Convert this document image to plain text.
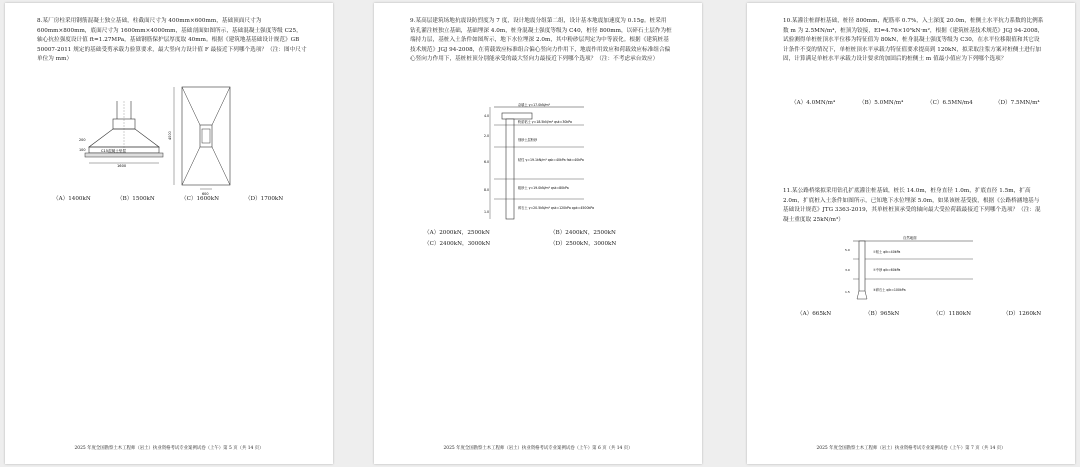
8.某厂房柱采用钢筋混凝土独立基础，柱截面尺寸为 400mm×600mm，基础顶面尺寸为 600mm×800mm，底面尺寸为 1600mm×4000mm，基础剖面如图所示，基础混凝土强度等级 C25，轴心抗拉强度设计值 ft=1.27MPa，基础钢筋保护层厚度取 40mm。根据《建筑地基基础设计规范》GB 50007-2011 规定的基础受剪承载力验算要求，最大竖向力设计值 F 最接近下列哪个选项？（注：图中尺寸单位为 mm）
C15混凝土垫层
1600
200
100
4000
600
（A）1400kN	（B）1500kN	（C）1600kN	（D）1700kN
2025 年度全国勘察土木工程师（岩土）执业资格考试专业案例试卷（上午）第 5 页（共 14 页）
9.某高层建筑场地抗震设防烈度为 7 度，设计地震分组第二组，设计基本地震加速度为 0.15g。桩采用钻孔灌注桩独立基础，基础埋深 4.0m，桩身混凝土强度等级为 C40，桩径 800mm，以碎石土层作为桩端持力层，基桩入土条件如图所示，地下水位埋深 2.0m，其中粉砂层判定为中等液化。根据《建筑桩基技术规范》JGJ 94-2008，在荷载效应标准组合偏心竖向力作用下，地震作用效应和荷载效应标准组合偏心竖向力作用下，基桩桩顶分别能承受的最大竖向力最接近下列哪个选项？（注：不考虑承台效应）
杂填土 γ=17.0kN/m³
粉质粘土 γ=18.5kN/m³ qsk=30kPa
细砂土层粉砂
粘性 γ=19.1kN/m³ qsk=40kPa fak=40kPa
粗砂土 γ=19.0kN/m³ qsk=80kPa
碎石土 γ=20.5kN/m³ qsk=120kPa qpk=4500kPa
4.0
2.0
6.0
8.0
1.0
（A）2000kN，2500kN	（B）2400kN，2500kN
（C）2400kN，3000kN	（D）2500kN，3000kN
2025 年度全国勘察土木工程师（岩土）执业资格考试专业案例试卷（上午）第 6 页（共 14 页）
10.某灌注桩群桩基础，桩径 800mm，配筋率 0.7%，入土深度 20.0m，桩侧土水平抗力系数的比例系数 m 为 2.5MN/m⁴，桩顶为铰接，EI=4.76×10⁵kN·m²，根据《建筑桩基技术规范》JGJ 94-2008，试验测得单桩桩顶水平位移为特征值为 80kN，桩身混凝土强度等级为 C30，在水平位移限值和其它设计条件不变的情况下，单桩桩顶水平承载力特征值要求提高到 120kN，拟采取注浆方案对桩侧土进行加固，计算满足单桩水平承载力设计要求的加固后的桩侧土 m 值最小值应为下列哪个选项？
（A）4.0MN/m⁴	（B）5.0MN/m⁴	（C）6.5MN/m4	（D）7.5MN/m⁴
11.某公路桥梁拟采用钻孔扩底灌注桩基础，桩长 14.0m，桩身直径 1.0m，扩底直径 1.5m，扩高 2.0m，扩底桩入土条件如图所示，已知地下水位埋深 5.0m，如果该桩基受拔，根据《公路桥涵地基与基础设计规范》JTG 3363-2019，其单桩桩顶承受的轴向最大受拉荷载最接近下列哪个选项？（注：混凝土重度取 25kN/m³）
自然地面
①粘土 qik=40kPa
②中砂 qik=60kPa
③碎石土 qik=100kPa
5.0
3.0
1.5
（A）665kN	（B）965kN	（C）1180kN	（D）1260kN
2025 年度全国勘察土木工程师（岩土）执业资格考试专业案例试卷（上午）第 7 页（共 14 页）
